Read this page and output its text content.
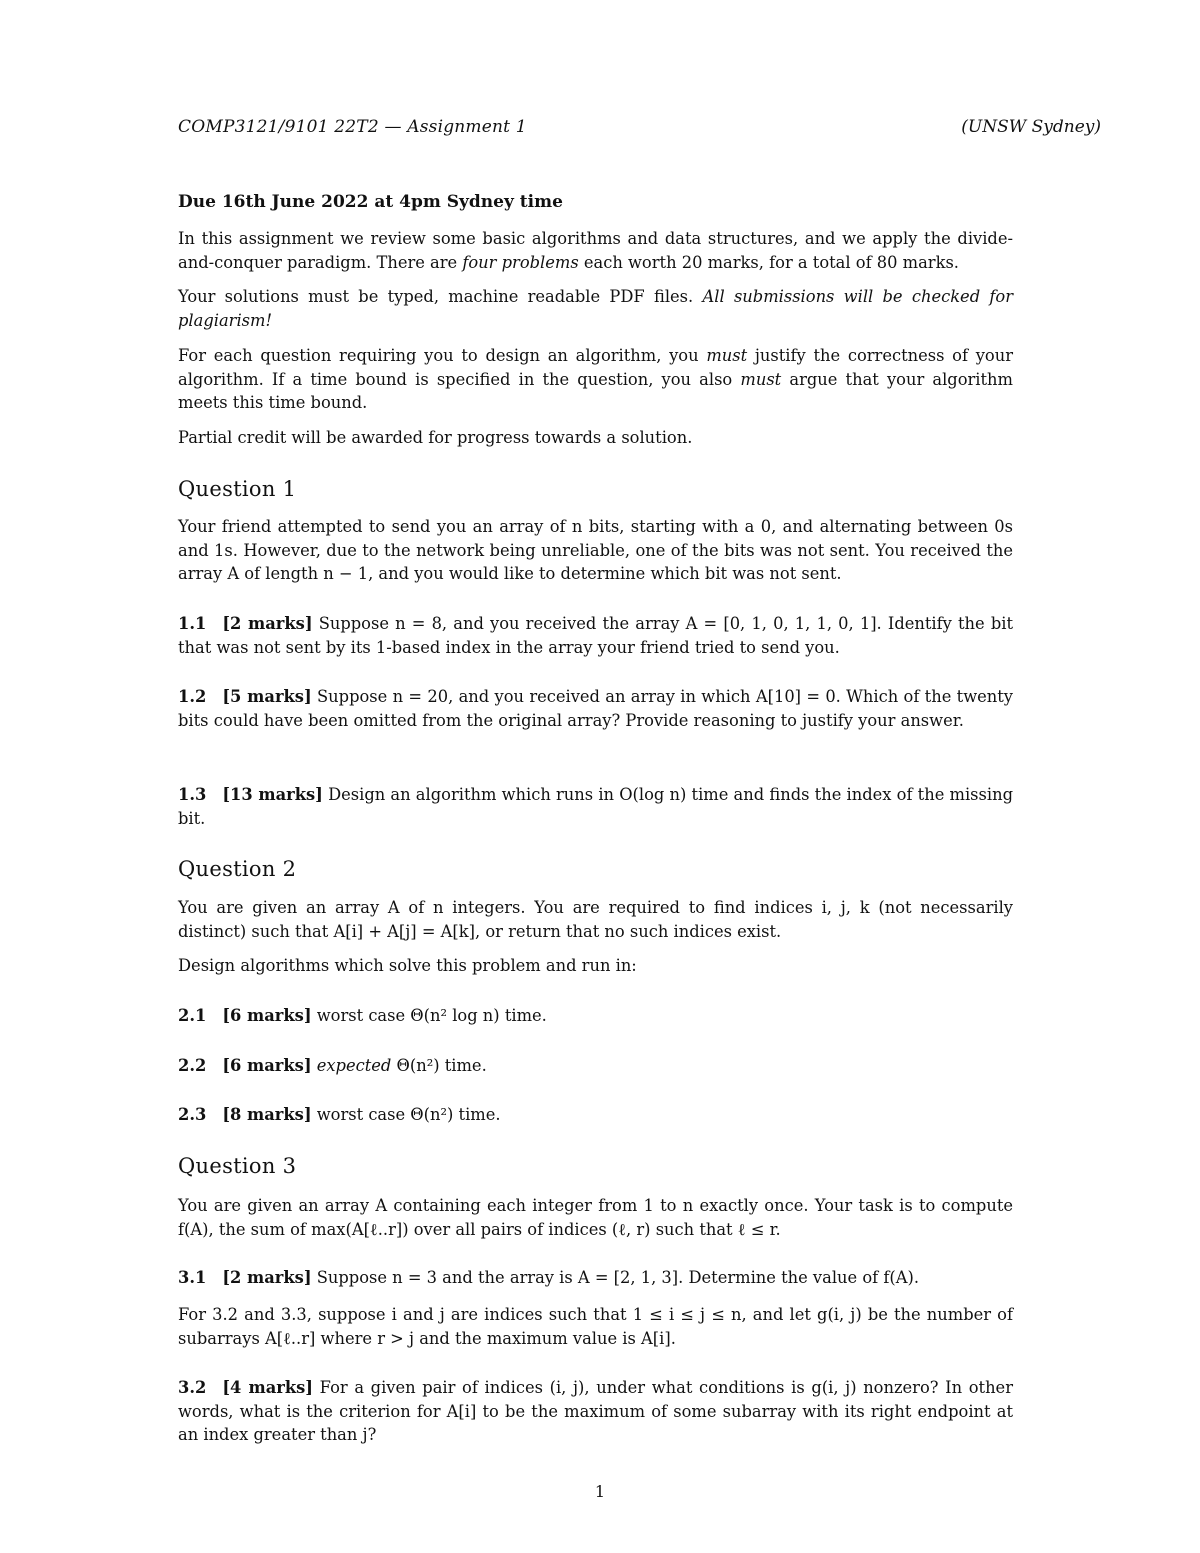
COMP3121/9101 22T2 — Assignment 1	(UNSW Sydney)
Due 16th June 2022 at 4pm Sydney time

In this assignment we review some basic algorithms and data structures, and we apply the divide-and-conquer paradigm. There are four problems each worth 20 marks, for a total of 80 marks.

Your solutions must be typed, machine readable PDF files. All submissions will be checked for plagiarism!

For each question requiring you to design an algorithm, you must justify the correctness of your algorithm. If a time bound is specified in the question, you also must argue that your algorithm meets this time bound.

Partial credit will be awarded for progress towards a solution.

Question 1

Your friend attempted to send you an array of n bits, starting with a 0, and alternating between 0s and 1s. However, due to the network being unreliable, one of the bits was not sent. You received the array A of length n − 1, and you would like to determine which bit was not sent.

1.1 [2 marks] Suppose n = 8, and you received the array A = [0, 1, 0, 1, 1, 0, 1]. Identify the bit that was not sent by its 1-based index in the array your friend tried to send you.

1.2 [5 marks] Suppose n = 20, and you received an array in which A[10] = 0. Which of the twenty bits could have been omitted from the original array? Provide reasoning to justify your answer.

1.3 [13 marks] Design an algorithm which runs in O(log n) time and finds the index of the missing bit.

Question 2

You are given an array A of n integers. You are required to find indices i, j, k (not necessarily distinct) such that A[i] + A[j] = A[k], or return that no such indices exist.

Design algorithms which solve this problem and run in:

2.1 [6 marks] worst case Θ(n² log n) time.

2.2 [6 marks] expected Θ(n²) time.

2.3 [8 marks] worst case Θ(n²) time.

Question 3

You are given an array A containing each integer from 1 to n exactly once. Your task is to compute f(A), the sum of max(A[ℓ..r]) over all pairs of indices (ℓ, r) such that ℓ ≤ r.

3.1 [2 marks] Suppose n = 3 and the array is A = [2, 1, 3]. Determine the value of f(A).

For 3.2 and 3.3, suppose i and j are indices such that 1 ≤ i ≤ j ≤ n, and let g(i, j) be the number of subarrays A[ℓ..r] where r > j and the maximum value is A[i].

3.2 [4 marks] For a given pair of indices (i, j), under what conditions is g(i, j) nonzero? In other words, what is the criterion for A[i] to be the maximum of some subarray with its right endpoint at an index greater than j?

1
